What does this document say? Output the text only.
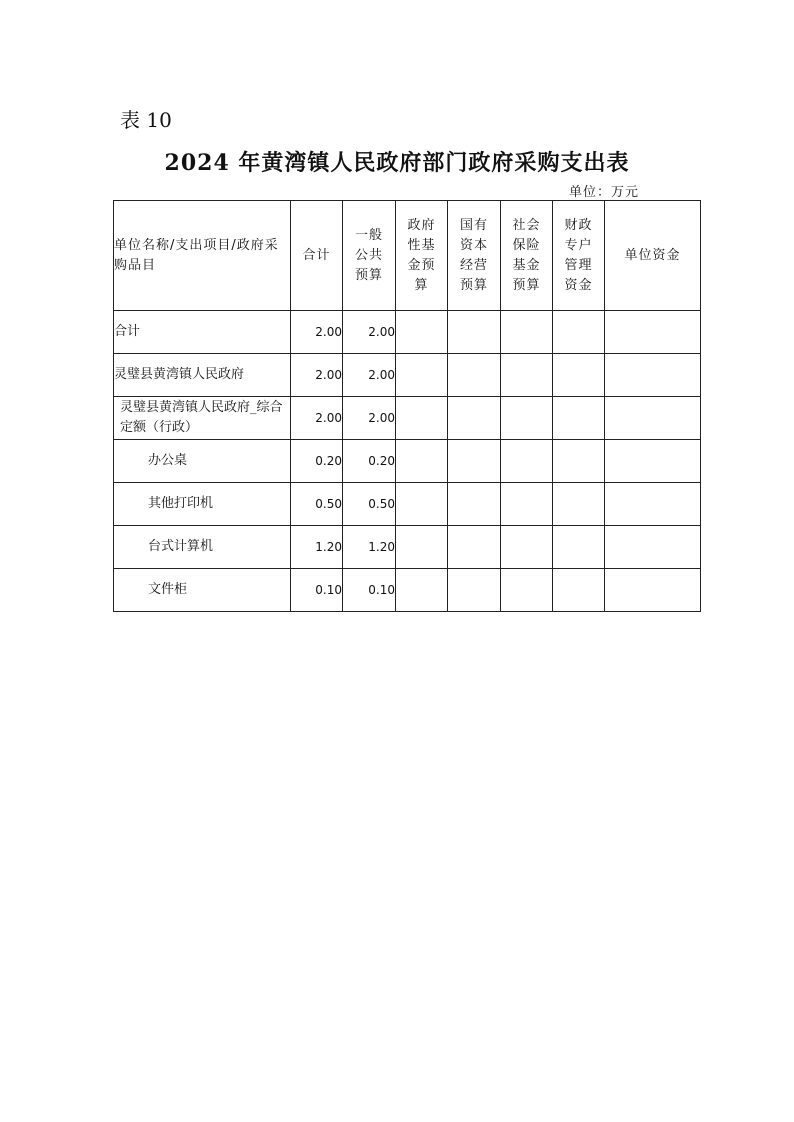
表 10
2024 年黄湾镇人民政府部门政府采购支出表
单位：万元
单位名称/支出项目/政府采购品目	合计	一般公共预算	政府性基金预算	国有资本经营预算	社会保险基金预算	财政专户管理资金	单位资金
合计	2.00	2.00					
灵璧县黄湾镇人民政府	2.00	2.00					
灵璧县黄湾镇人民政府_综合定额（行政）	2.00	2.00					
办公桌	0.20	0.20					
其他打印机	0.50	0.50					
台式计算机	1.20	1.20					
文件柜	0.10	0.10					
